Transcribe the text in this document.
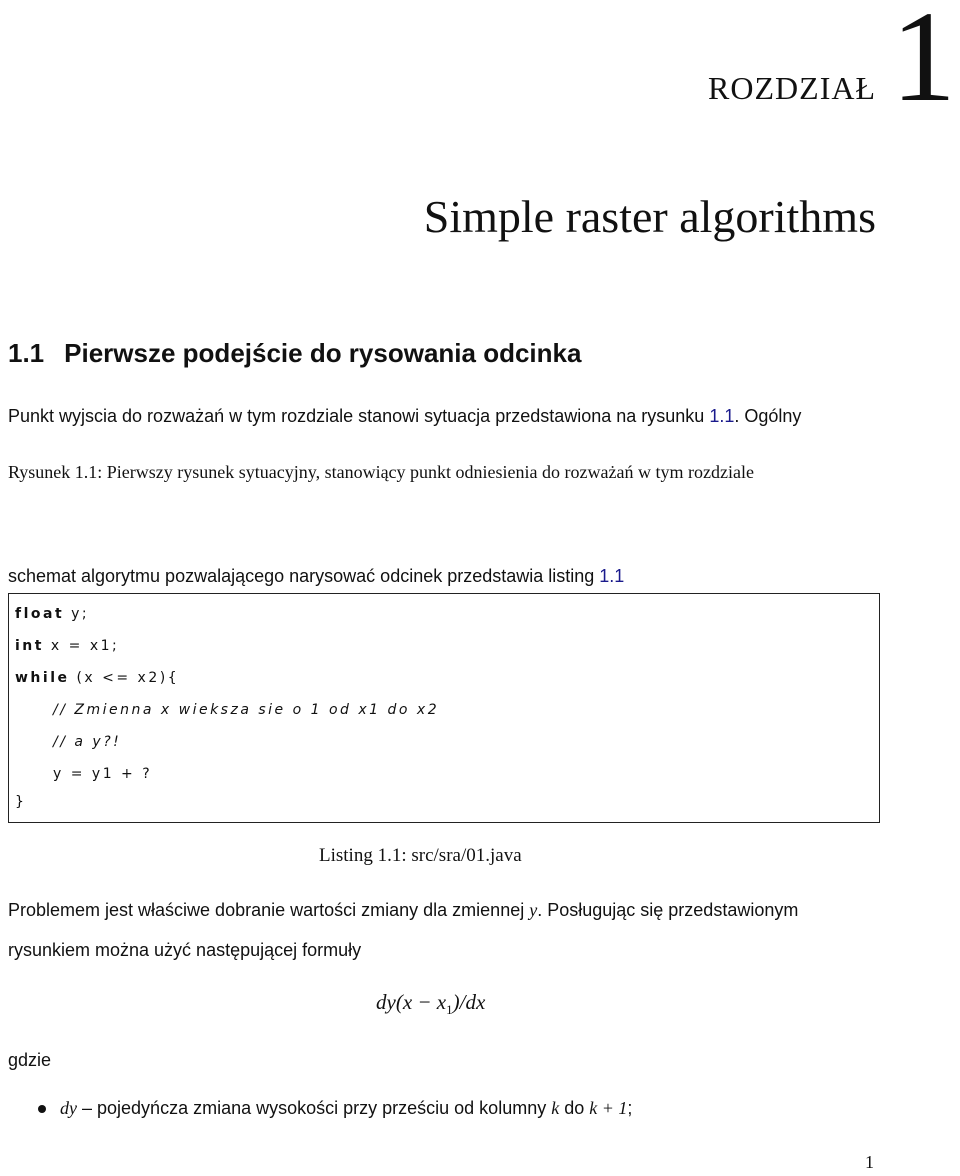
ROZDZIAŁ 1
Simple raster algorithms
1.1 Pierwsze podejście do rysowania odcinka
Punkt wyjscia do rozważań w tym rozdziale stanowi sytuacja przedstawiona na rysunku 1.1. Ogólny
Rysunek 1.1: Pierwszy rysunek sytuacyjny, stanowiący punkt odniesienia do rozważań w tym rozdziale
schemat algorytmu pozwalającego narysować odcinek przedstawia listing 1.1
float y;
int x = x1;
while (x <= x2){
// Zmienna x wieksza sie o 1 od x1 do x2
// a y?!
y = y1 + ?
}
Listing 1.1: src/sra/01.java
Problemem jest właściwe dobranie wartości zmiany dla zmiennej y. Posługując się przedstawionym
rysunkiem można użyć następującej formuły
$dy(x - x_1)/dx$
gdzie
dy – pojedyńcza zmiana wysokości przy prześciu od kolumny k do k + 1 ;
1
